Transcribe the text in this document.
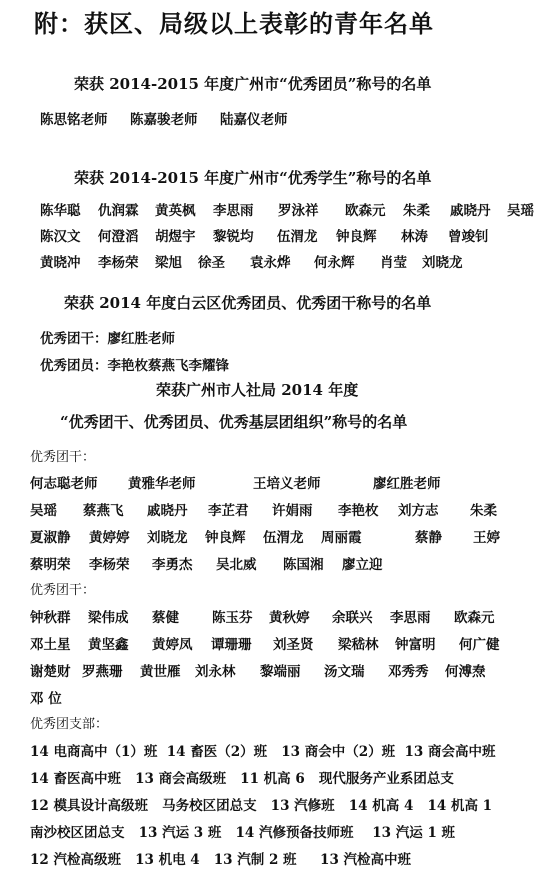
附：获区、局级以上表彰的青年名单
荣获 2014-2015 年度广州市“优秀团员”称号的名单
陈思铭老师 陈嘉骏老师 陆嘉仪老师
荣获 2014-2015 年度广州市“优秀学生”称号的名单
陈华聪 仇润霖 黄英枫 李思雨 罗泳祥 欧森元 朱柔 戚晓丹 吴瑶
陈汉文 何澄滔 胡煜宇 黎锐均 伍渭龙 钟良辉 林涛 曾竣钊
黄晓冲 李杨荣 梁旭 徐圣 袁永烨 何永辉 肖莹 刘晓龙
荣获 2014 年度白云区优秀团员、优秀团干称号的名单
优秀团干：廖红胜老师
优秀团员：李艳枚蔡燕飞李耀锋
荣获广州市人社局 2014 年度
“优秀团干、优秀团员、优秀基层团组织”称号的名单
优秀团干：
何志聪老师 黄雅华老师	王培义老师	廖红胜老师
吴瑶 蔡燕飞 戚晓丹 李芷君 许娟雨 李艳枚 刘方志 朱柔
夏淑静 黄婷婷 刘晓龙 钟良辉 伍渭龙 周丽霞	蔡静 王婷
蔡明荣 李杨荣 李勇杰 吴北威 陈国湘 廖立迎
优秀团干：
钟秋群 梁伟成 蔡健 陈玉芬 黄秋婷 余联兴 李思雨 欧森元
邓土星 黄坚鑫 黄婷凤 谭珊珊 刘圣贤 梁嵇林 钟富明 何广健
谢楚财 罗燕珊 黄世雁 刘永林 黎端丽 汤文瑞 邓秀秀 何溥焘
邓 位
优秀团支部：
14 电商高中（1）班  14 畜医（2）班   13 商会中（2）班  13 商会高中班
14 畜医高中班   13 商会高级班   11 机高 6   现代服务产业系团总支
12 模具设计高级班   马务校区团总支   13 汽修班   14 机高 4   14 机高 1
南沙校区团总支   13 汽运 3 班   14 汽修预备技师班    13 汽运 1 班
12 汽检高级班   13 机电 4   13 汽制 2 班     13 汽检高中班
